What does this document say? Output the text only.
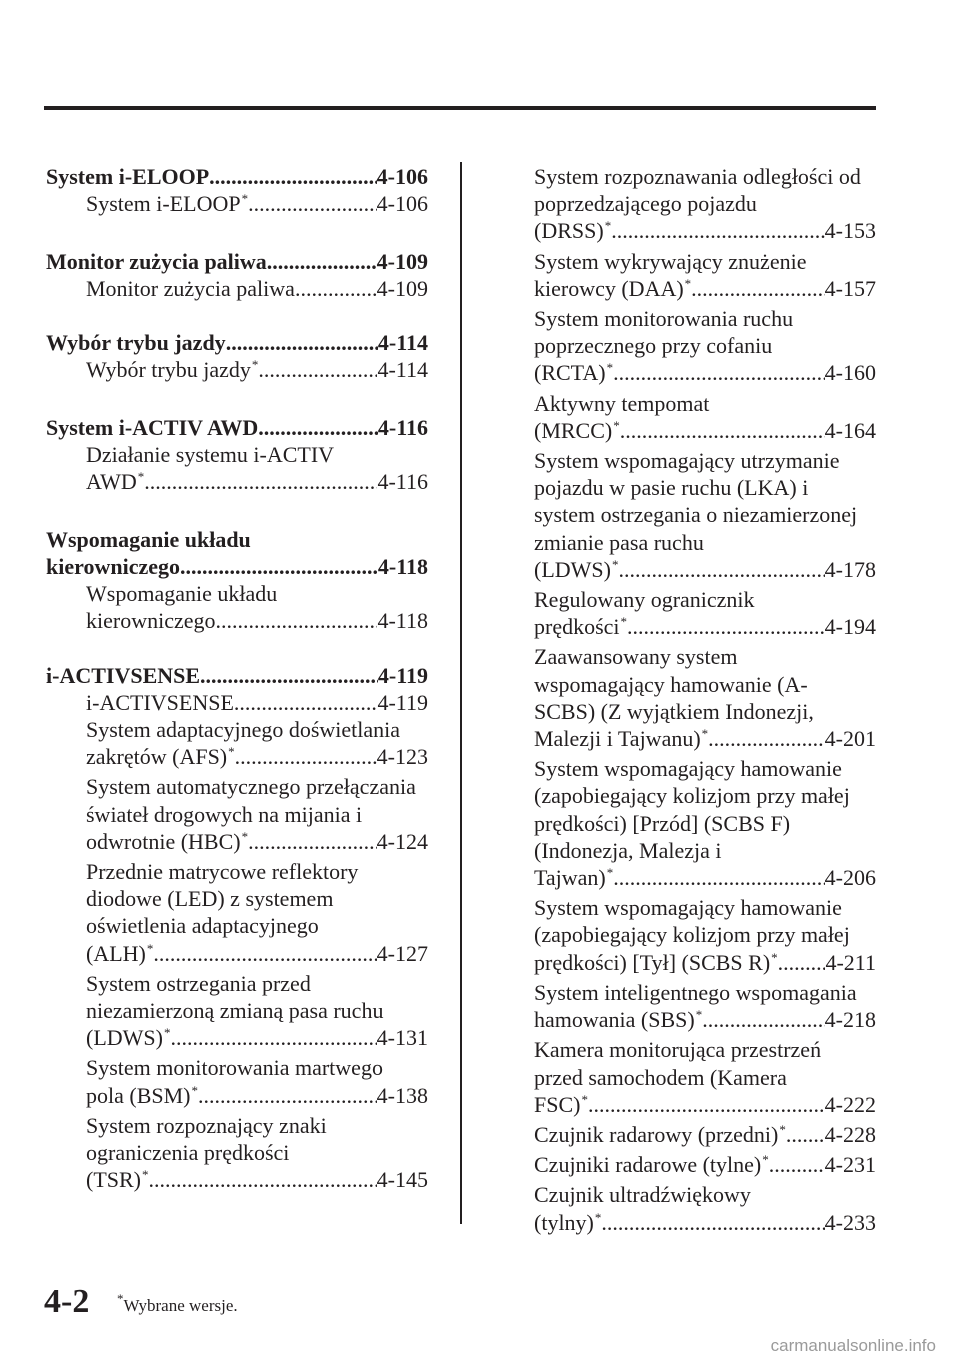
System i-ELOOP .....	4-106
System i-ELOOP * .....	4-106
Monitor zużycia paliwa .....	4-109
Monitor zużycia paliwa .....	4-109
Wybór trybu jazdy .....	4-114
Wybór trybu jazdy * .....	4-114
System i-ACTIV AWD .....	4-116
Działanie systemu i-ACTIV
AWD * .....	4-116
Wspomaganie układu
kierowniczego .....	4-118
Wspomaganie układu
kierowniczego .....	4-118
i-ACTIVSENSE .....	4-119
i-ACTIVSENSE .....	4-119
System adaptacyjnego doświetlania
zakrętów (AFS) * .....	4-123
System automatycznego przełączania
świateł drogowych na mijania i
odwrotnie (HBC) * .....	4-124
Przednie matrycowe reflektory
diodowe (LED) z systemem
oświetlenia adaptacyjnego
(ALH) * .....	4-127
System ostrzegania przed
niezamierzoną zmianą pasa ruchu
(LDWS) * .....	4-131
System monitorowania martwego
pola (BSM) * .....	4-138
System rozpoznający znaki
ograniczenia prędkości
(TSR) * .....	4-145
System rozpoznawania odległości od
poprzedzającego pojazdu
(DRSS) * .....	4-153
System wykrywający znużenie
kierowcy (DAA) * .....	4-157
System monitorowania ruchu
poprzecznego przy cofaniu
(RCTA) * .....	4-160
Aktywny tempomat
(MRCC) * .....	4-164
System wspomagający utrzymanie
pojazdu w pasie ruchu (LKA) i
system ostrzegania o niezamierzonej
zmianie pasa ruchu
(LDWS) * .....	4-178
Regulowany ogranicznik
prędkości * .....	4-194
Zaawansowany system
wspomagający hamowanie (A-
SCBS) (Z wyjątkiem Indonezji,
Malezji i Tajwanu) * .....	4-201
System wspomagający hamowanie
(zapobiegający kolizjom przy małej
prędkości) [Przód] (SCBS F)
(Indonezja, Malezja i
Tajwan) * .....	4-206
System wspomagający hamowanie
(zapobiegający kolizjom przy małej
prędkości) [Tył] (SCBS R) * ..... 4-211
System inteligentnego wspomagania
hamowania (SBS) * .....	4-218
Kamera monitorująca przestrzeń
przed samochodem (Kamera
FSC) * .....	4-222
Czujnik radarowy (przedni) * ..... 4-228
Czujniki radarowe (tylne) * .....	4-231
Czujnik ultradźwiękowy
(tylny) * .....	4-233
4-2 *Wybrane wersje.
carmanualsonline.info
